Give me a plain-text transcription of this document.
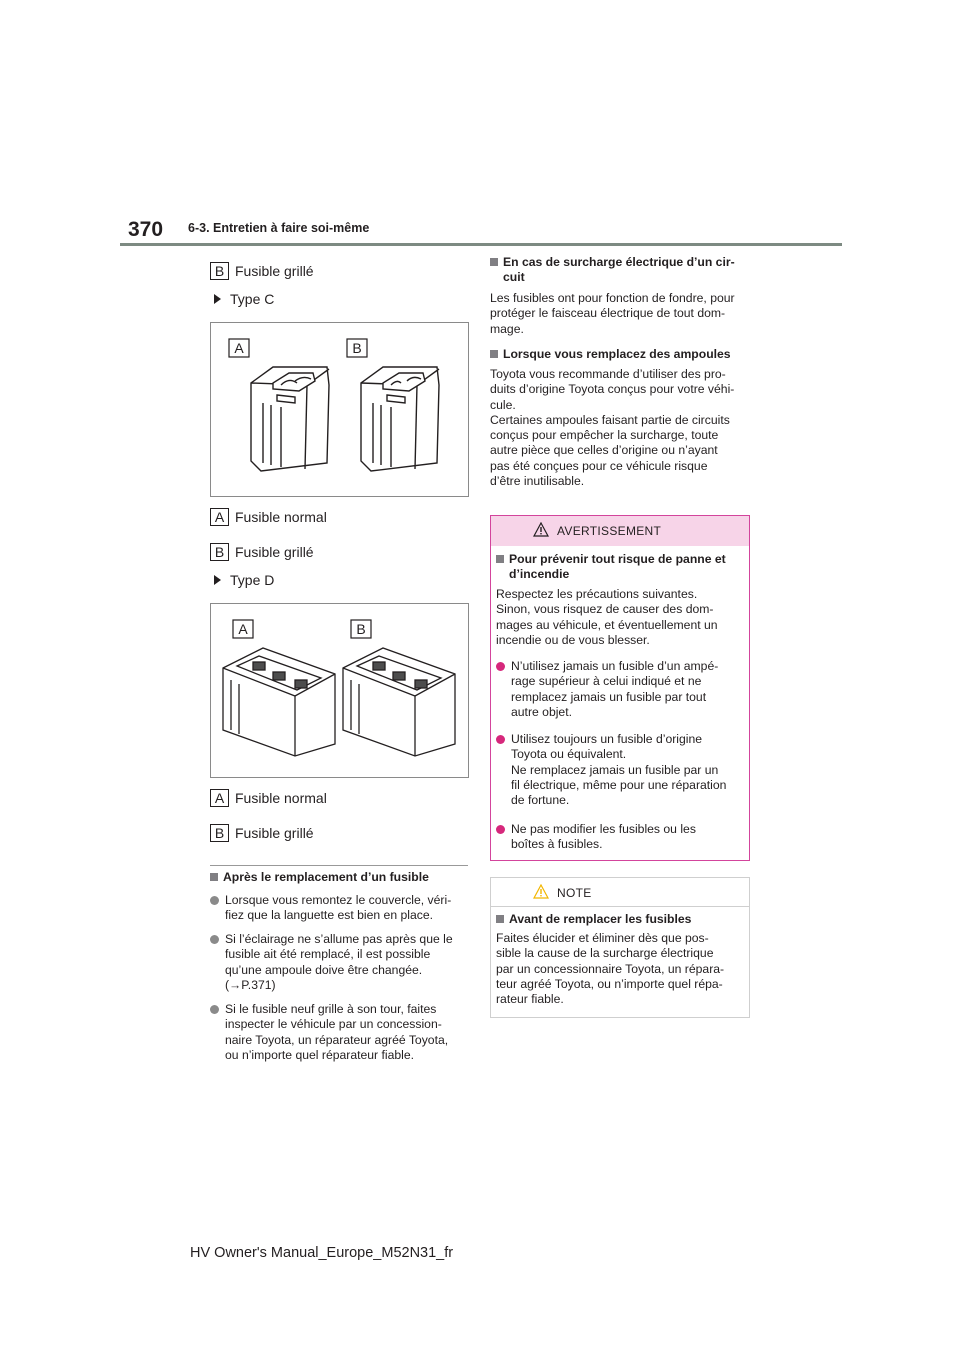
370 6-3. Entretien à faire soi-même
B Fusible grillé
Type C
A	B
A Fusible normal
B Fusible grillé
Type D
A	B
A Fusible normal
B Fusible grillé
Après le remplacement d’un fusible
Lorsque vous remontez le couvercle, véri-
fiez que la languette est bien en place.
Si l’éclairage ne s’allume pas après que le
fusible ait été remplacé, il est possible
qu’une ampoule doive être changée.
(→P.371)
Si le fusible neuf grille à son tour, faites
inspecter le véhicule par un concession-
naire Toyota, un réparateur agréé Toyota,
ou n’importe quel réparateur fiable.
En cas de surcharge électrique d’un cir-
cuit
Les fusibles ont pour fonction de fondre, pour
protéger le faisceau électrique de tout dom-
mage.
Lorsque vous remplacez des ampoules
Toyota vous recommande d’utiliser des pro-
duits d’origine Toyota conçus pour votre véhi-
cule.
Certaines ampoules faisant partie de circuits
conçus pour empêcher la surcharge, toute
autre pièce que celles d’origine ou n’ayant
pas été conçues pour ce véhicule risque
d’être inutilisable.
AVERTISSEMENT
Pour prévenir tout risque de panne et
d’incendie
Respectez les précautions suivantes.
Sinon, vous risquez de causer des dom-
mages au véhicule, et éventuellement un
incendie ou de vous blesser.
N’utilisez jamais un fusible d’un ampé-
rage supérieur à celui indiqué et ne
remplacez jamais un fusible par tout
autre objet.
Utilisez toujours un fusible d’origine
Toyota ou équivalent.
Ne remplacez jamais un fusible par un
fil électrique, même pour une réparation
de fortune.
Ne pas modifier les fusibles ou les
boîtes à fusibles.
NOTE
Avant de remplacer les fusibles
Faites élucider et éliminer dès que pos-
sible la cause de la surcharge électrique
par un concessionnaire Toyota, un répara-
teur agréé Toyota, ou n’importe quel répa-
rateur fiable.
HV Owner's Manual_Europe_M52N31_fr
